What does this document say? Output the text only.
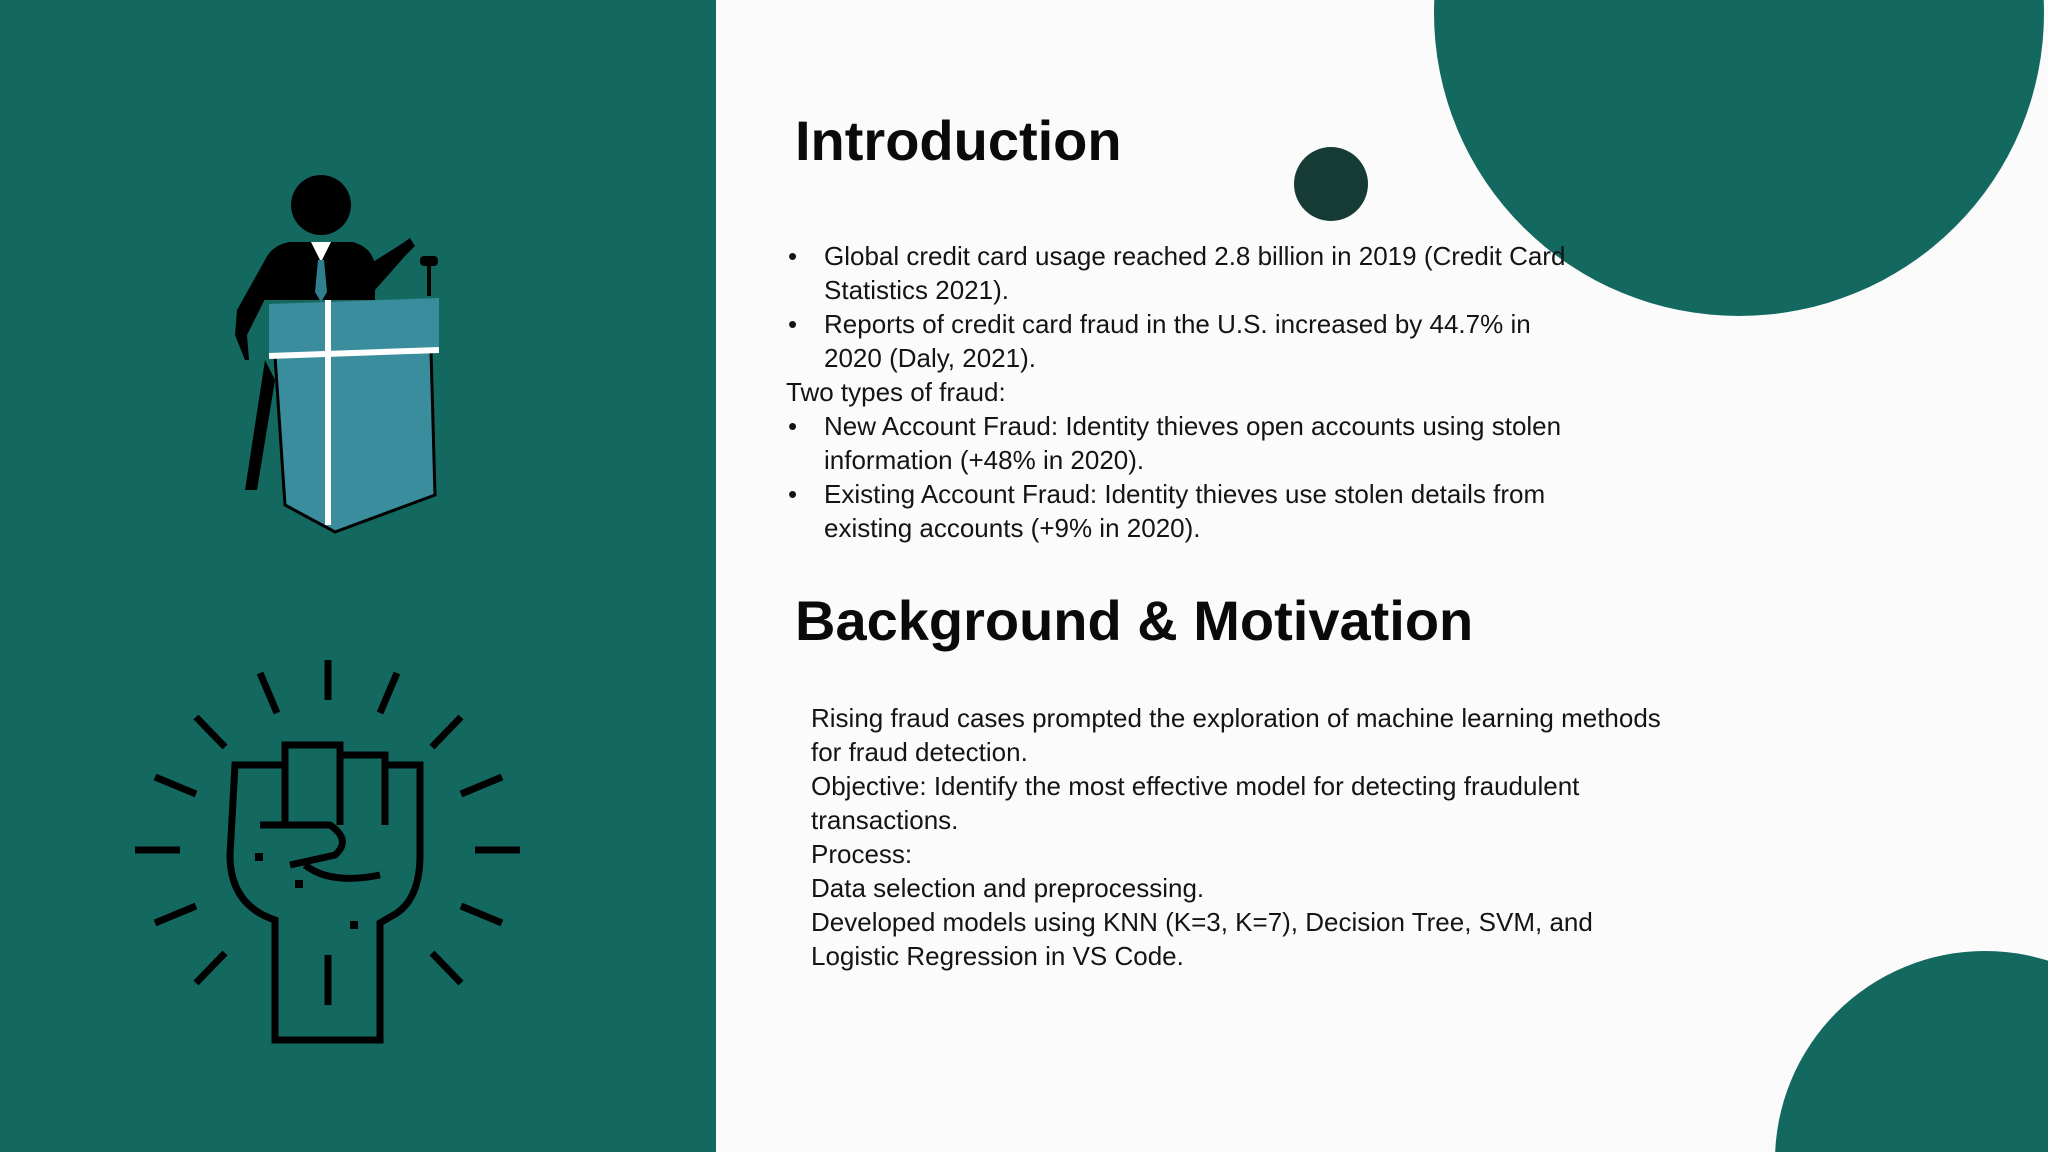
Introduction
• Global credit card usage reached 2.8 billion in 2019 (Credit Card Statistics 2021).
• Reports of credit card fraud in the U.S. increased by 44.7% in 2020 (Daly, 2021).
Two types of fraud:
• New Account Fraud: Identity thieves open accounts using stolen information (+48% in 2020).
• Existing Account Fraud: Identity thieves use stolen details from existing accounts (+9% in 2020).
Background & Motivation
Rising fraud cases prompted the exploration of machine learning methods for fraud detection.
Objective: Identify the most effective model for detecting fraudulent transactions.
Process:
Data selection and preprocessing.
Developed models using KNN (K=3, K=7), Decision Tree, SVM, and Logistic Regression in VS Code.
